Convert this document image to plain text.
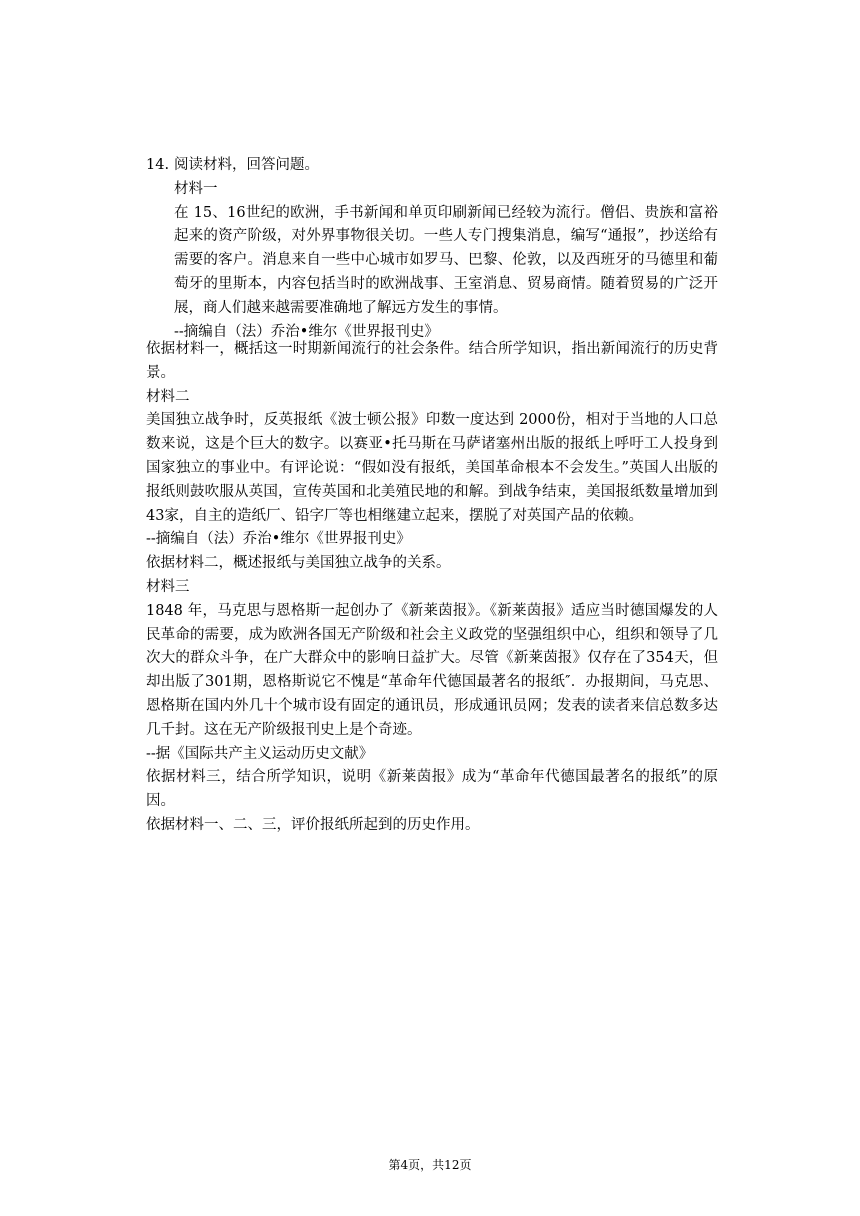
14. 阅读材料，回答问题。

材料一

在 15、16世纪的欧洲，手书新闻和单页印刷新闻已经较为流行。僧侣、贵族和富裕起来的资产阶级，对外界事物很关切。一些人专门搜集消息，编写“通报”，抄送给有需要的客户。消息来自一些中心城市如罗马、巴黎、伦敦，以及西班牙的马德里和葡萄牙的里斯本，内容包括当时的欧洲战事、王室消息、贸易商情。随着贸易的广泛开展，商人们越来越需要准确地了解远方发生的事情。

--摘编自（法）乔治•维尔《世界报刊史》

依据材料一，概括这一时期新闻流行的社会条件。结合所学知识，指出新闻流行的历史背景。

材料二

美国独立战争时，反英报纸《波士顿公报》印数一度达到 2000份，相对于当地的人口总数来说，这是个巨大的数字。以赛亚•托马斯在马萨诸塞州出版的报纸上呼吁工人投身到国家独立的事业中。有评论说：“假如没有报纸，美国革命根本不会发生。”英国人出版的报纸则鼓吹服从英国，宣传英国和北美殖民地的和解。到战争结束，美国报纸数量增加到43家，自主的造纸厂、铅字厂等也相继建立起来，摆脱了对英国产品的依赖。

--摘编自（法）乔治•维尔《世界报刊史》

依据材料二，概述报纸与美国独立战争的关系。

材料三

1848 年，马克思与恩格斯一起创办了《新莱茵报》。《新莱茵报》适应当时德国爆发的人民革命的需要，成为欧洲各国无产阶级和社会主义政党的坚强组织中心，组织和领导了几次大的群众斗争，在广大群众中的影响日益扩大。尽管《新莱茵报》仅存在了354天，但却出版了301期，恩格斯说它不愧是“革命年代德国最著名的报纸″．办报期间，马克思、恩格斯在国内外几十个城市设有固定的通讯员，形成通讯员网；发表的读者来信总数多达几千封。这在无产阶级报刊史上是个奇迹。

--据《国际共产主义运动历史文献》

依据材料三，结合所学知识，说明《新莱茵报》成为“革命年代德国最著名的报纸”的原因。

依据材料一、二、三，评价报纸所起到的历史作用。

第4页，共12页
